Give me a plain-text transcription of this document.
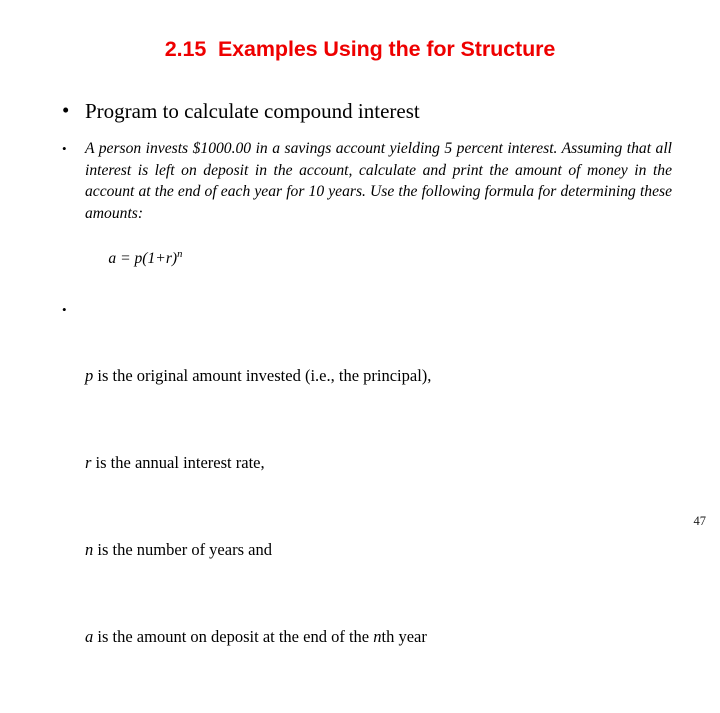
2.15  Examples Using the for Structure
• Program to calculate compound interest
• A person invests $1000.00 in a savings account yielding 5 percent interest. Assuming that all interest is left on deposit in the account, calculate and print the amount of money in the account at the end of each year for 10 years. Use the following formula for determining these amounts:

$a = p(1+r)^n$

•

p is the original amount invested (i.e., the principal),

r is the annual interest rate,

n is the number of years and

a is the amount on deposit at the end of the nth year

47
